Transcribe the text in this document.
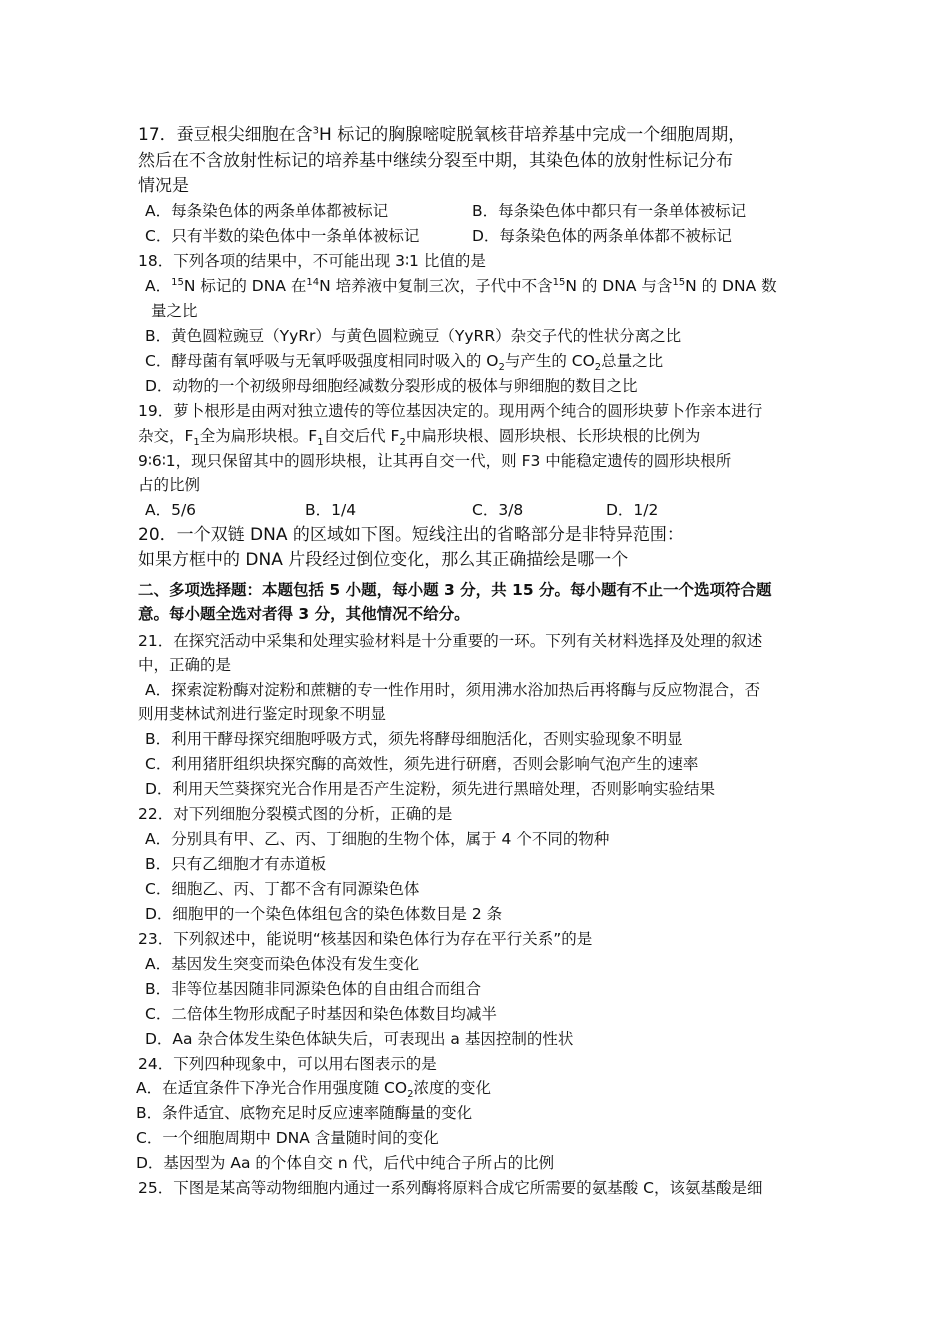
17．蚕豆根尖细胞在含$^3$H 标记的胸腺嘧啶脱氧核苷培养基中完成一个细胞周期，
然后在不含放射性标记的培养基中继续分裂至中期，其染色体的放射性标记分布
情况是
A．每条染色体的两条单体都被标记	B．每条染色体中都只有一条单体被标记
C．只有半数的染色体中一条单体被标记	D．每条染色体的两条单体都不被标记
18．下列各项的结果中，不可能出现 3∶1 比值的是
A．$^{15}$N 标记的 DNA 在$^{14}$N 培养液中复制三次，子代中不含$^{15}$N 的 DNA 与含$^{15}$N 的 DNA 数
量之比
B．黄色圆粒豌豆（YyRr）与黄色圆粒豌豆（YyRR）杂交子代的性状分离之比
C．酵母菌有氧呼吸与无氧呼吸强度相同时吸入的 $O_2$与产生的 $CO_2$总量之比
D．动物的一个初级卵母细胞经减数分裂形成的极体与卵细胞的数目之比
19．萝卜根形是由两对独立遗传的等位基因决定的。现用两个纯合的圆形块萝卜作亲本进行
杂交，$F_1$全为扁形块根。$F_1$自交后代 $F_2$中扁形块根、圆形块根、长形块根的比例为
9∶6∶1，现只保留其中的圆形块根，让其再自交一代，则 F3 中能稳定遗传的圆形块根所
占的比例
A．5/6	B．1/4	C．3/8	D．1/2
20．一个双链 DNA 的区域如下图。短线注出的省略部分是非特异范围：
如果方框中的 DNA 片段经过倒位变化，那么其正确描绘是哪一个
二、多项选择题：本题包括 5 小题，每小题 3 分，共 15 分。每小题有不止一个选项符合题
意。每小题全选对者得 3 分，其他情况不给分。
21．在探究活动中采集和处理实验材料是十分重要的一环。下列有关材料选择及处理的叙述
中，正确的是
A．探索淀粉酶对淀粉和蔗糖的专一性作用时，须用沸水浴加热后再将酶与反应物混合，否
则用斐林试剂进行鉴定时现象不明显
B．利用干酵母探究细胞呼吸方式，须先将酵母细胞活化，否则实验现象不明显
C．利用猪肝组织块探究酶的高效性，须先进行研磨，否则会影响气泡产生的速率
D．利用天竺葵探究光合作用是否产生淀粉，须先进行黑暗处理，否则影响实验结果
22．对下列细胞分裂模式图的分析，正确的是
A．分别具有甲、乙、丙、丁细胞的生物个体，属于 4 个不同的物种
B．只有乙细胞才有赤道板
C．细胞乙、丙、丁都不含有同源染色体
D．细胞甲的一个染色体组包含的染色体数目是 2 条
23．下列叙述中，能说明“核基因和染色体行为存在平行关系”的是
A．基因发生突变而染色体没有发生变化
B．非等位基因随非同源染色体的自由组合而组合
C．二倍体生物形成配子时基因和染色体数目均减半
D．Aa 杂合体发生染色体缺失后，可表现出 a 基因控制的性状
24．下列四种现象中，可以用右图表示的是
A．在适宜条件下净光合作用强度随 $CO_2$浓度的变化
B．条件适宜、底物充足时反应速率随酶量的变化
C．一个细胞周期中 DNA 含量随时间的变化
D．基因型为 Aa 的个体自交 n 代，后代中纯合子所占的比例
25．下图是某高等动物细胞内通过一系列酶将原料合成它所需要的氨基酸 C，该氨基酸是细
